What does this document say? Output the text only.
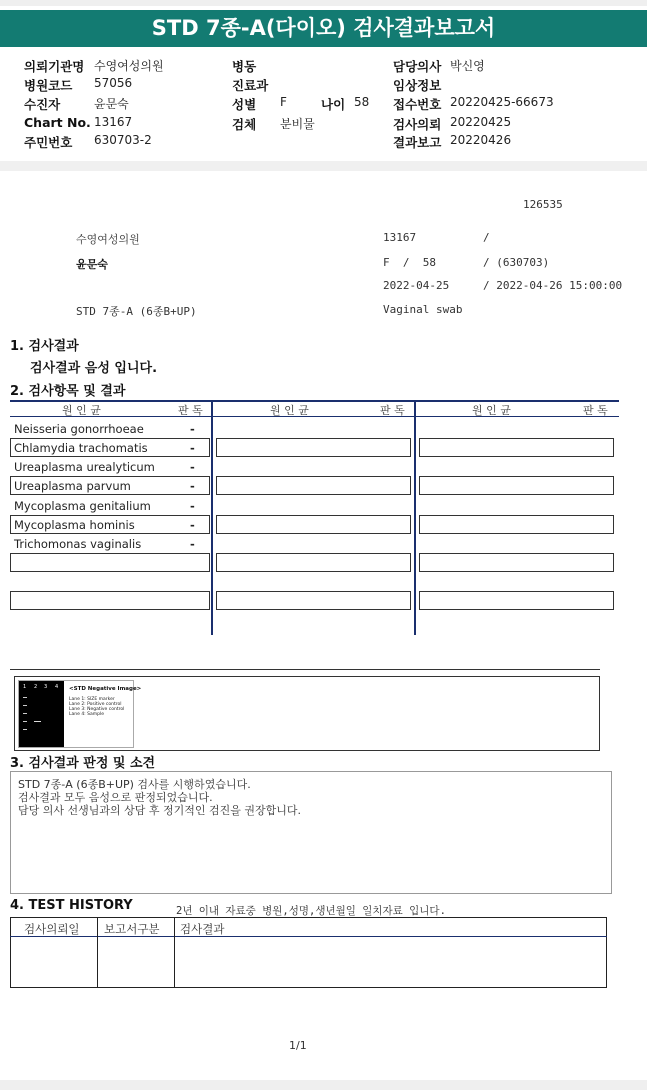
STD 7종-A(다이오) 검사결과보고서
의뢰기관명 수영여성의원
병원코드 57056
수진자	윤문숙
Chart No. 13167
주민번호 630703-2
병동
진료과
성별 F	나이 58
검체 분비물
담당의사 박신영
임상정보
접수번호 20220425-66673
검사의뢰 20220425
결과보고 20220426
126535
수영여성의원	13167	/
윤문숙	F  /  58	/ (630703)
2022-04-25	/ 2022-04-26 15:00:00
STD 7종-A (6종B+UP)	Vaginal swab
1. 검사결과
검사결과 음성 입니다.
2. 검사항목 및 결과
원 인 균	판 독	원 인 균	판 독	원 인 균	판 독
Neisseria gonorrhoeae	-
Chlamydia trachomatis	-
Ureaplasma urealyticum	-
Ureaplasma parvum	-
Mycoplasma genitalium	-
Mycoplasma hominis	-
Trichomonas vaginalis	-
1 2 3 4 <STD Negative Image>
Lane 1: SIZE marker
Lane 2: Positive control
Lane 3: Negative control
Lane 4: Sample
3. 검사결과 판정 및 소견
STD 7종-A (6종B+UP) 검사를 시행하였습니다.
검사결과 모두 음성으로 판정되었습니다.
담당 의사 선생님과의 상담 후 정기적인 검진을 권장합니다.
4. TEST HISTORY	2년 이내 자료중 병원,성명,생년월일 일치자료 입니다.
검사의뢰일 보고서구분 검사결과
1/1
